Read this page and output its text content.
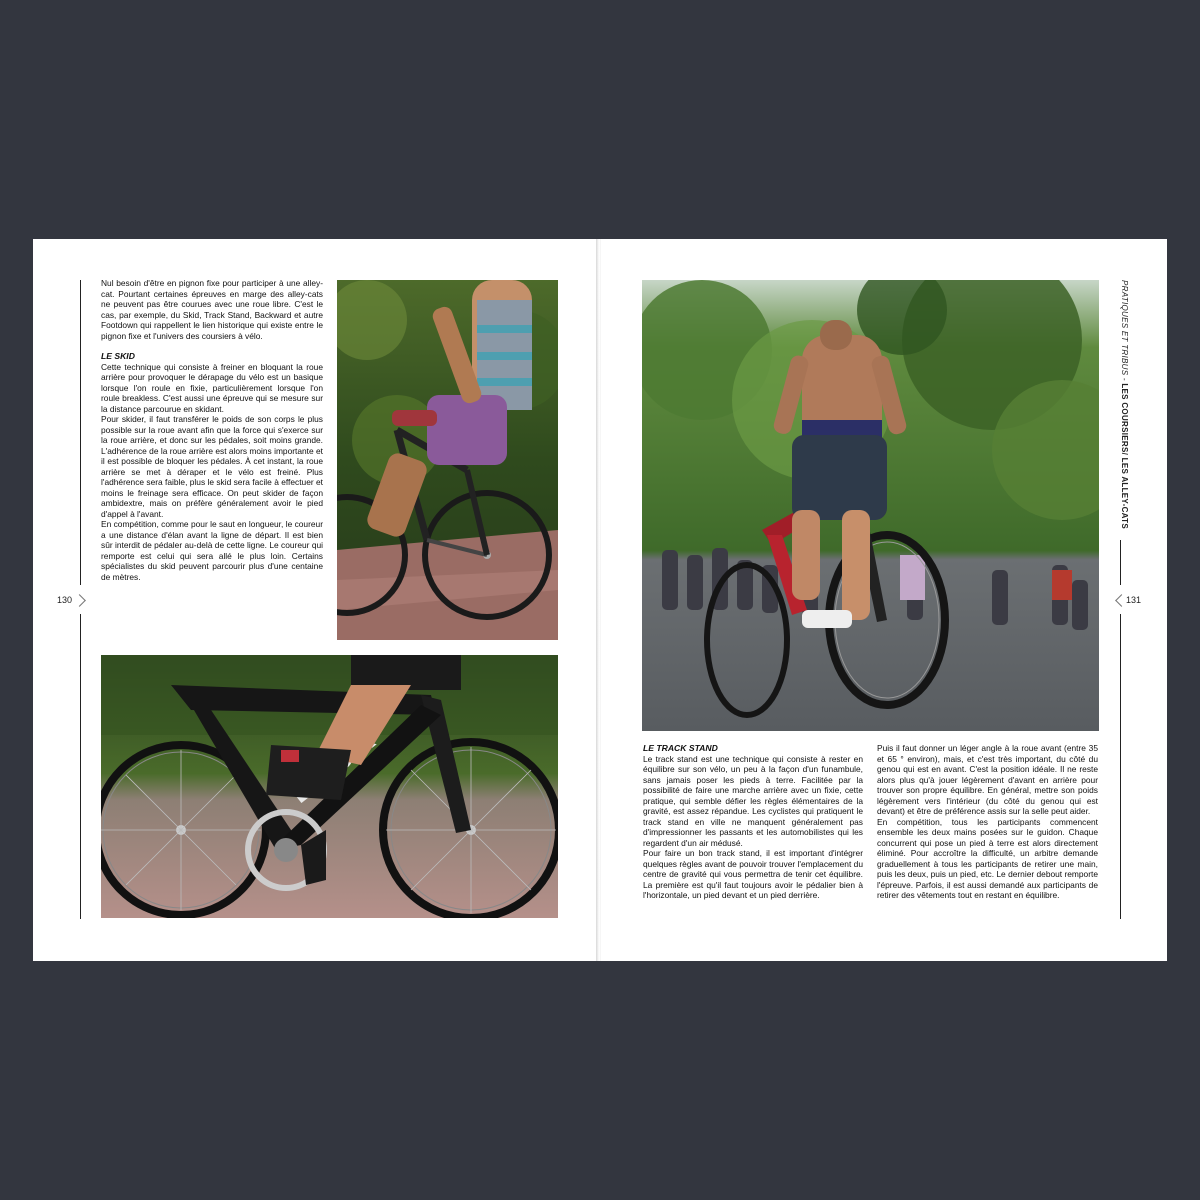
130

Nul besoin d'être en pignon fixe pour participer à une alley-cat. Pourtant certaines épreuves en marge des alley-cats ne peuvent pas être courues avec une roue libre. C'est le cas, par exemple, du Skid, Track Stand, Backward et autre Footdown qui rappellent le lien historique qui existe entre le pignon fixe et l'univers des coursiers à vélo.

LE SKID

Cette technique qui consiste à freiner en bloquant la roue arrière pour provoquer le dérapage du vélo est un basique lorsque l'on roule en fixie, particulièrement lorsque l'on roule breakless. C'est aussi une épreuve qui se mesure sur la distance parcourue en skidant.

Pour skider, il faut transférer le poids de son corps le plus possible sur la roue avant afin que la force qui s'exerce sur la roue arrière, et donc sur les pédales, soit moins grande. L'adhérence de la roue arrière est alors moins importante et il est possible de bloquer les pédales. À cet instant, la roue arrière se met à déraper et le vélo est freiné. Plus l'adhérence sera faible, plus le skid sera facile à effectuer et moins le freinage sera efficace. On peut skider de façon ambidextre, mais on préfère généralement avoir le pied d'appel à l'avant.

En compétition, comme pour le saut en longueur, le coureur a une distance d'élan avant la ligne de départ. Il est bien sûr interdit de pédaler au-delà de cette ligne. Le coureur qui remporte est celui qui sera allé le plus loin. Certains spécialistes du skid peuvent parcourir plus d'une centaine de mètres.

LE TRACK STAND

Le track stand est une technique qui consiste à rester en équilibre sur son vélo, un peu à la façon d'un funambule, sans jamais poser les pieds à terre. Facilitée par la possibilité de faire une marche arrière avec un fixie, cette pratique, qui semble défier les règles élémentaires de la gravité, est assez répandue. Les cyclistes qui pratiquent le track stand en ville ne manquent généralement pas d'impressionner les passants et les automobilistes qui les regardent d'un air médusé.

Pour faire un bon track stand, il est important d'intégrer quelques règles avant de pouvoir trouver l'emplacement du centre de gravité qui vous permettra de tenir cet équilibre. La première est qu'il faut toujours avoir le pédalier bien à l'horizontale, un pied devant et un pied derrière.

Puis il faut donner un léger angle à la roue avant (entre 35 et 65 ° environ), mais, et c'est très important, du côté du genou qui est en avant. C'est la position idéale. Il ne reste alors plus qu'à jouer légèrement d'avant en arrière pour trouver son propre équilibre. En général, mettre son poids légèrement vers l'intérieur (du côté du genou qui est devant) et être de préférence assis sur la selle peut aider.

En compétition, tous les participants commencent ensemble les deux mains posées sur le guidon. Chaque concurrent qui pose un pied à terre est alors directement éliminé. Pour accroître la difficulté, un arbitre demande graduellement à tous les participants de retirer une main, puis les deux, puis un pied, etc. Le dernier debout remporte l'épreuve. Parfois, il est aussi demandé aux participants de retirer des vêtements tout en restant en équilibre.

131
PRATIQUES ET TRIBUS - LES COURSIERS/ LES ALLEY-CATS
